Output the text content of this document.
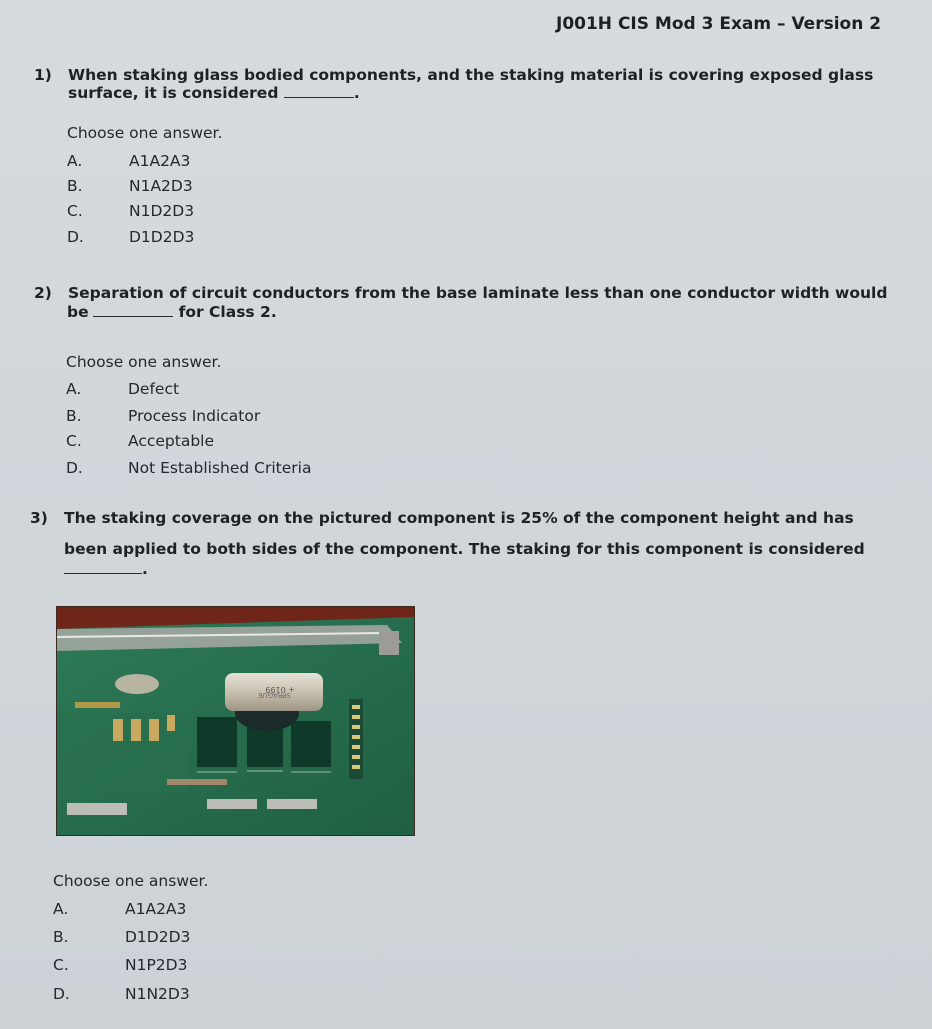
J001H CIS Mod 3 Exam – Version 2
1) When staking glass bodied components, and the staking material is covering exposed glass
surface, it is considered	.
Choose one answer.
A.	A1A2A3
B.	N1A2D3
C.	N1D2D3
D.	D1D2D3
2) Separation of circuit conductors from the base laminate less than one conductor width would
be	for Class 2.
Choose one answer.
A.	Defect
B.	Process Indicator
C.	Acceptable
D.	Not Established Criteria
3) The staking coverage on the pictured component is 25% of the component height and has
been applied to both sides of the component. The staking for this component is considered
.
+ 0199
SPRAGUE
Choose one answer.
A.	A1A2A3
B.	D1D2D3
C.	N1P2D3
D.	N1N2D3
